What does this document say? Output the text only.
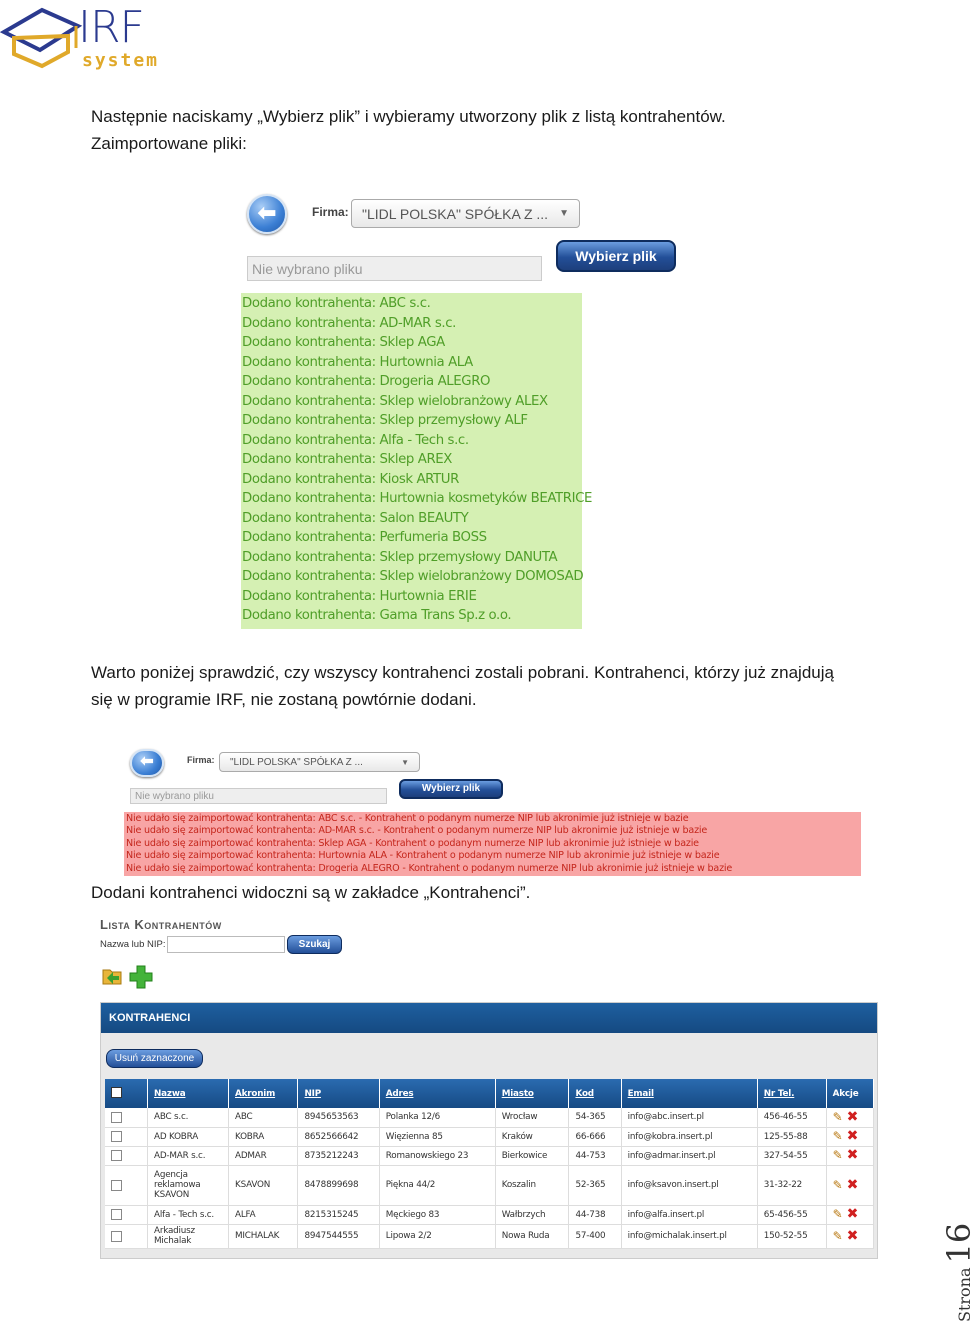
IRF
system
Następnie naciskamy „Wybierz plik” i wybieramy utworzony plik z listą kontrahentów.
Zaimportowane pliki:
⬅	Firma: "LIDL POLSKA" SPÓŁKA Z ... ▼
Wybierz plik
Nie wybrano pliku
Dodano kontrahenta: ABC s.c.
Dodano kontrahenta: AD-MAR s.c.
Dodano kontrahenta: Sklep AGA
Dodano kontrahenta: Hurtownia ALA
Dodano kontrahenta: Drogeria ALEGRO
Dodano kontrahenta: Sklep wielobranżowy ALEX
Dodano kontrahenta: Sklep przemysłowy ALF
Dodano kontrahenta: Alfa - Tech s.c.
Dodano kontrahenta: Sklep AREX
Dodano kontrahenta: Kiosk ARTUR
Dodano kontrahenta: Hurtownia kosmetyków BEATRICE
Dodano kontrahenta: Salon BEAUTY
Dodano kontrahenta: Perfumeria BOSS
Dodano kontrahenta: Sklep przemysłowy DANUTA
Dodano kontrahenta: Sklep wielobranżowy DOMOSAD
Dodano kontrahenta: Hurtownia ERIE
Dodano kontrahenta: Gama Trans Sp.z o.o.
Warto poniżej sprawdzić, czy wszyscy kontrahenci zostali pobrani. Kontrahenci, którzy już znajdują
się w programie IRF, nie zostaną powtórnie dodani.
⬅	Firma:	"LIDL POLSKA" SPÓŁKA Z ...	▼
Wybierz plik
Nie wybrano pliku
Nie udało się zaimportować kontrahenta: ABC s.c. - Kontrahent o podanym numerze NIP lub akronimie już istnieje w bazie
Nie udało się zaimportować kontrahenta: AD-MAR s.c. - Kontrahent o podanym numerze NIP lub akronimie już istnieje w bazie
Nie udało się zaimportować kontrahenta: Sklep AGA - Kontrahent o podanym numerze NIP lub akronimie już istnieje w bazie
Nie udało się zaimportować kontrahenta: Hurtownia ALA - Kontrahent o podanym numerze NIP lub akronimie już istnieje w bazie
Nie udało się zaimportować kontrahenta: Drogeria ALEGRO - Kontrahent o podanym numerze NIP lub akronimie już istnieje w bazie
Dodani kontrahenci widoczni są w zakładce „Kontrahenci”.
Lista Kontrahentów
Nazwa lub NIP:	Szukaj
KONTRAHENCI
Usuń zaznaczone
	Nazwa	Akronim	NIP	Adres	Miasto	Kod	Email	Nr Tel.	Akcje
	ABC s.c.	ABC	8945653563	Polanka 12/6	Wrocław	54-365	info@abc.insert.pl	456-46-55	✎ ✖
	AD KOBRA	KOBRA	8652566642	Więzienna 85	Kraków	66-666	info@kobra.insert.pl	125-55-88	✎ ✖
	AD-MAR s.c.	ADMAR	8735212243	Romanowskiego 23	Bierkowice	44-753	info@admar.insert.pl	327-54-55	✎ ✖
	Agencja reklamowa KSAVON	KSAVON	8478899698	Piękna 44/2	Koszalin	52-365	info@ksavon.insert.pl	31-32-22	✎ ✖
	Alfa - Tech s.c.	ALFA	8215315245	Męckiego 83	Wałbrzych	44-738	info@alfa.insert.pl	65-456-55	✎ ✖
	Arkadiusz Michalak	MICHALAK	8947544555	Lipowa 2/2	Nowa Ruda	57-400	info@michalak.insert.pl	150-52-55	✎ ✖
Strona16
